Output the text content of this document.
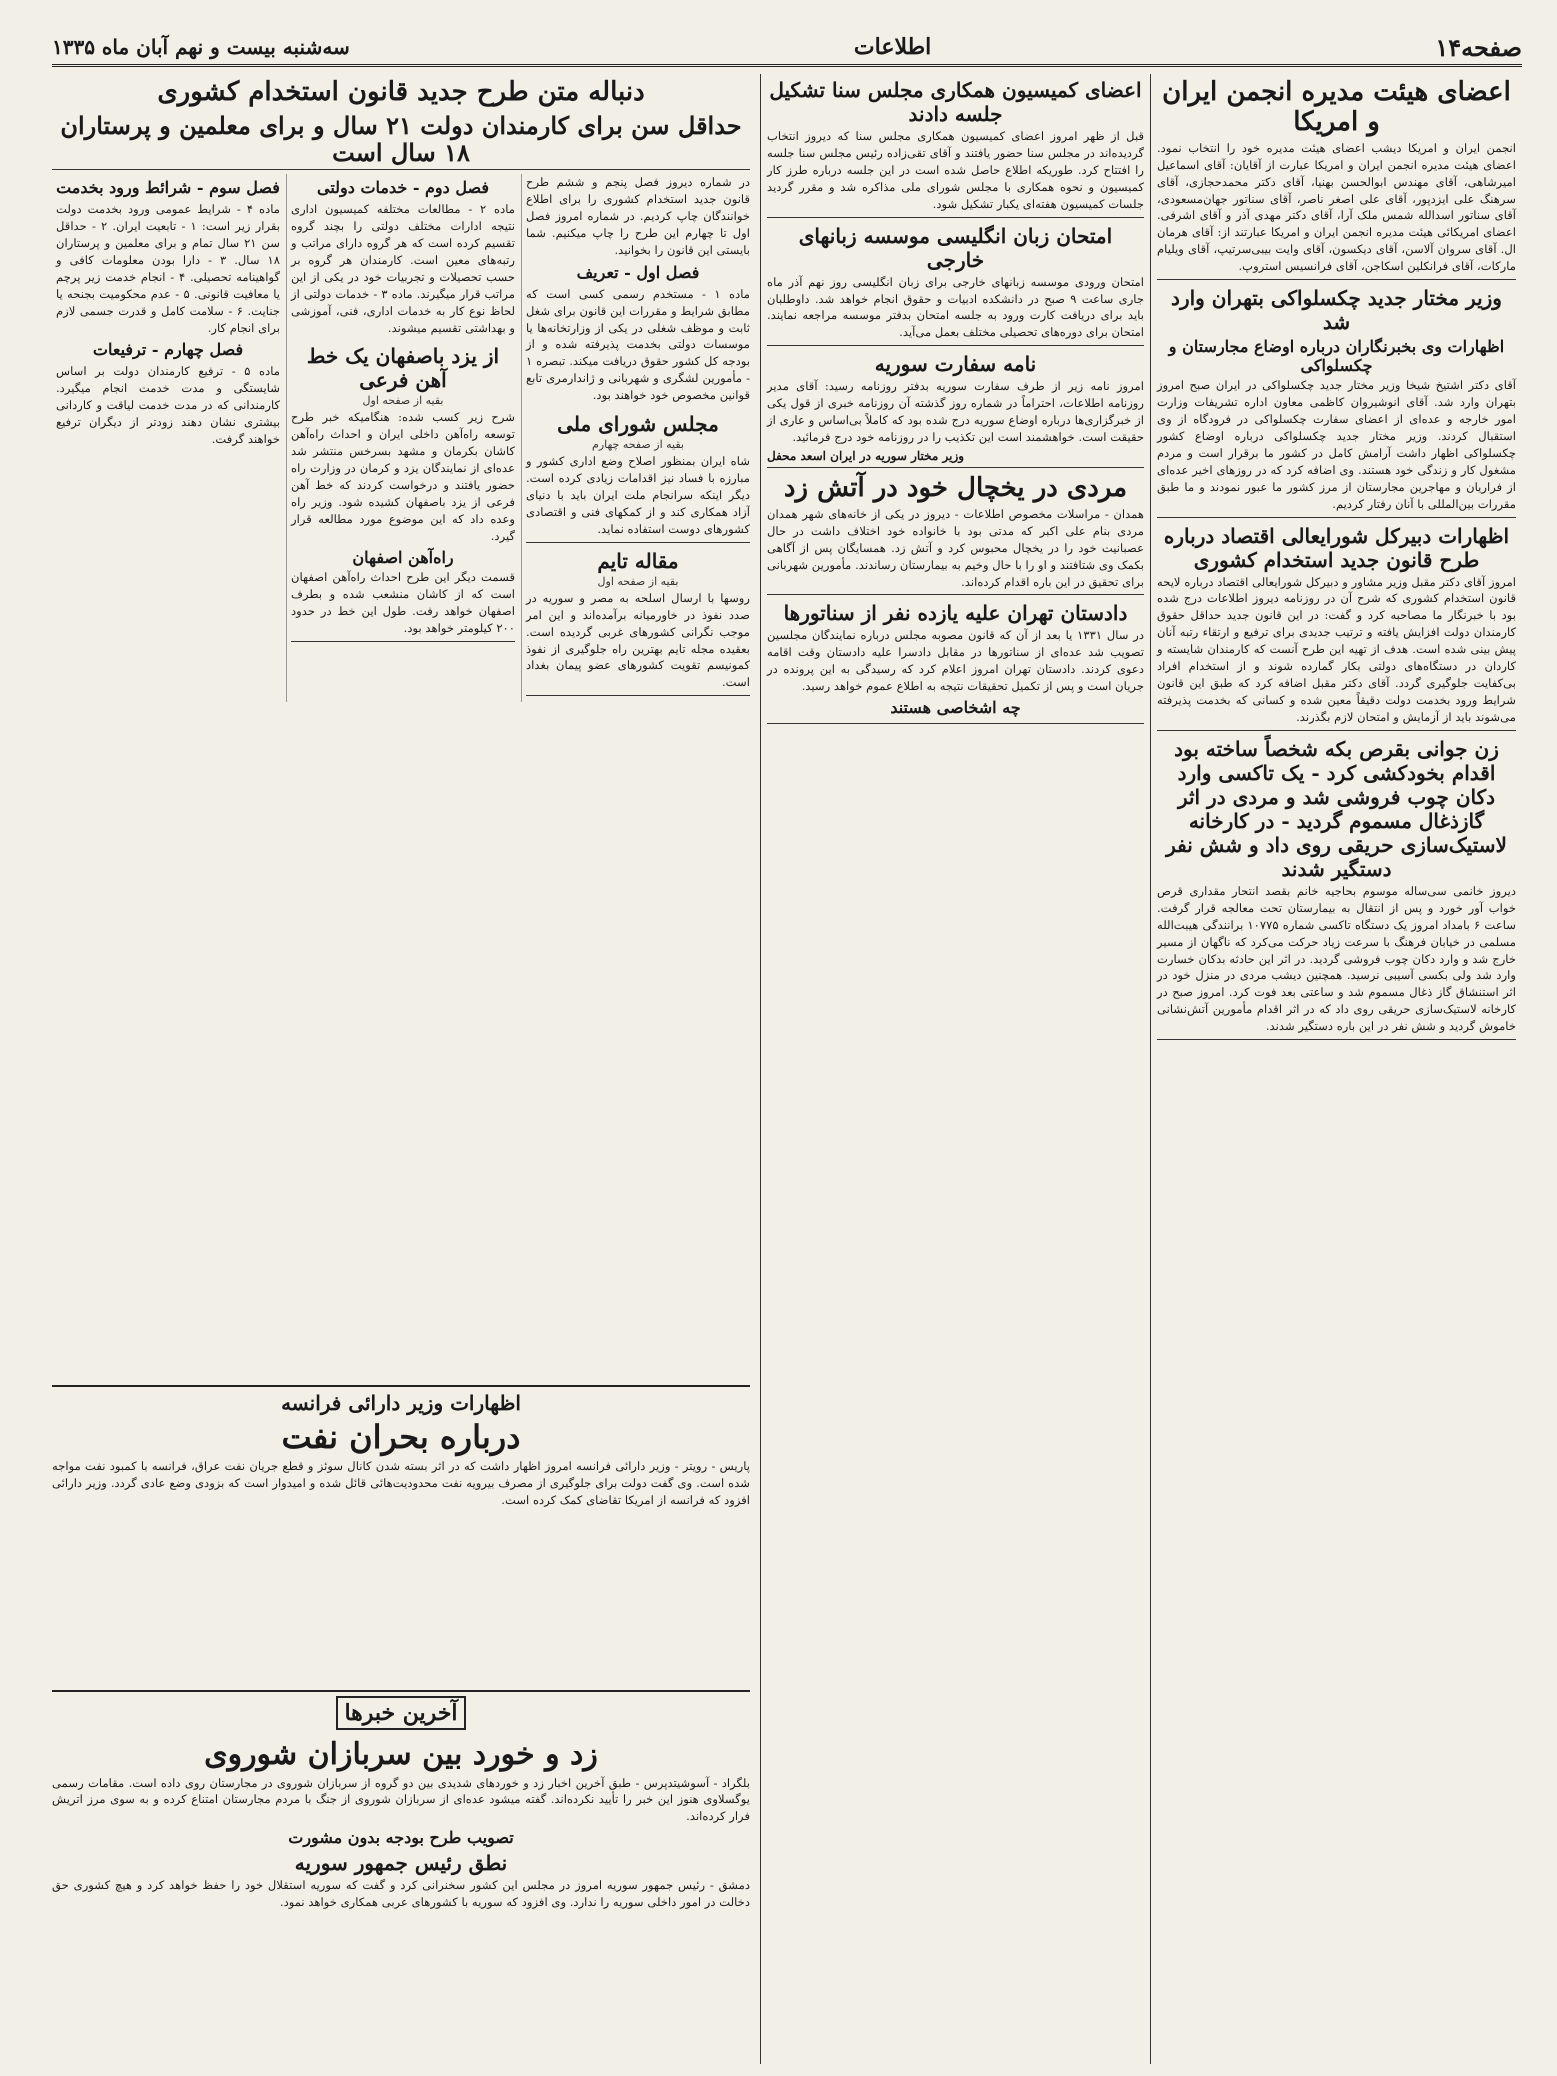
صفحه۱۴
اطلاعات
سه‌شنبه بیست و نهم آبان ماه ۱۳۳۵
اعضای هیئت مدیره انجمن ایران و امریکا

انجمن ایران و امریکا دیشب اعضای هیئت مدیره خود را انتخاب نمود. اعضای هیئت مدیره انجمن ایران و امریکا عبارت از آقایان: آقای اسماعیل امیرشاهی، آقای مهندس ابوالحسن بهنیا، آقای دکتر محمدحجازی، آقای سرهنگ علی ایزدپور، آقای علی اصغر ناصر، آقای سناتور جهان‌مسعودی، آقای سناتور اسدالله شمس ملک آرا، آقای دکتر مهدی آذر و آقای اشرفی. اعضای امریکائی هیئت مدیره انجمن ایران و امریکا عبارتند از: آقای هرمان ال. آقای سروان آلاسن، آقای دیکسون، آقای وایت بیبی‌سرتیپ، آقای ویلیام مارکات، آقای فرانکلین اسکاجن، آقای فرانسیس استروپ.

وزیر مختار جدید چکسلواکی بتهران وارد شد
اظهارات وی بخبرنگاران درباره اوضاع مجارستان و چکسلواکی

آقای دکتر اشتیخ شیخا وزیر مختار جدید چکسلواکی در ایران صبح امروز بتهران وارد شد. آقای انوشیروان کاظمی معاون اداره تشریفات وزارت امور خارجه و عده‌ای از اعضای سفارت چکسلواکی در فرودگاه از وی استقبال کردند. وزیر مختار جدید چکسلواکی درباره اوضاع کشور چکسلواکی اظهار داشت آرامش کامل در کشور ما برقرار است و مردم مشغول کار و زندگی خود هستند. وی اضافه کرد که در روزهای اخیر عده‌ای از فراریان و مهاجرین مجارستان از مرز کشور ما عبور نمودند و ما طبق مقررات بین‌المللی با آنان رفتار کردیم.

اظهارات دبیرکل شورایعالی اقتصاد درباره طرح قانون جدید استخدام کشوری

امروز آقای دکتر مقبل وزیر مشاور و دبیرکل شورایعالی اقتصاد درباره لایحه قانون استخدام کشوری که شرح آن در روزنامه دیروز اطلاعات درج شده بود با خبرنگار ما مصاحبه کرد و گفت: در این قانون جدید حداقل حقوق کارمندان دولت افزایش یافته و ترتیب جدیدی برای ترفیع و ارتقاء رتبه آنان پیش بینی شده است. هدف از تهیه این طرح آنست که کارمندان شایسته و کاردان در دستگاه‌های دولتی بکار گمارده شوند و از استخدام افراد بی‌کفایت جلوگیری گردد. آقای دکتر مقبل اضافه کرد که طبق این قانون شرایط ورود بخدمت دولت دقیقاً معین شده و کسانی که بخدمت پذیرفته می‌شوند باید از آزمایش و امتحان لازم بگذرند.

زن جوانی بقرص بکه شخصاً ساخته بود اقدام بخودکشی کرد - یک تاکسی وارد دکان چوب فروشی شد و مردی در اثر گازذغال مسموم گردید - در کارخانه لاستیک‌سازی حریقی روی داد و شش نفر دستگیر شدند

دیروز خانمی سی‌ساله موسوم بحاجیه خانم بقصد انتحار مقداری قرص خواب آور خورد و پس از انتقال به بیمارستان تحت معالجه قرار گرفت. ساعت ۶ بامداد امروز یک دستگاه تاکسی شماره ۱۰۷۷۵ برانندگی هیبت‌الله مسلمی در خیابان فرهنگ با سرعت زیاد حرکت می‌کرد که ناگهان از مسیر خارج شد و وارد دکان چوب فروشی گردید. در اثر این حادثه بدکان خسارت وارد شد ولی بکسی آسیبی نرسید. همچنین دیشب مردی در منزل خود در اثر استنشاق گاز ذغال مسموم شد و ساعتی بعد فوت کرد. امروز صبح در کارخانه لاستیک‌سازی حریقی روی داد که در اثر اقدام مأمورین آتش‌نشانی خاموش گردید و شش نفر در این باره دستگیر شدند.

اعضای کمیسیون همکاری مجلس سنا تشکیل جلسه دادند

قبل از ظهر امروز اعضای کمیسیون همکاری مجلس سنا که دیروز انتخاب گردیده‌اند در مجلس سنا حضور یافتند و آقای تقی‌زاده رئیس مجلس سنا جلسه را افتتاح کرد. طوریکه اطلاع حاصل شده است در این جلسه درباره طرز کار کمیسیون و نحوه همکاری با مجلس شورای ملی مذاکره شد و مقرر گردید جلسات کمیسیون هفته‌ای یکبار تشکیل شود.

امتحان زبان انگلیسی موسسه زبانهای خارجی

امتحان ورودی موسسه زبانهای خارجی برای زبان انگلیسی روز نهم آذر ماه جاری ساعت ۹ صبح در دانشکده ادبیات و حقوق انجام خواهد شد. داوطلبان باید برای دریافت کارت ورود به جلسه امتحان بدفتر موسسه مراجعه نمایند. امتحان برای دوره‌های تحصیلی مختلف بعمل می‌آید.

نامه سفارت سوریه

امروز نامه زیر از طرف سفارت سوریه بدفتر روزنامه رسید: آقای مدیر روزنامه اطلاعات، احتراماً در شماره روز گذشته آن روزنامه خبری از قول یکی از خبرگزاری‌ها درباره اوضاع سوریه درج شده بود که کاملاً بی‌اساس و عاری از حقیقت است. خواهشمند است این تکذیب را در روزنامه خود درج فرمائید.

وزیر مختار سوریه در ایران اسعد محفل
مردی در یخچال خود در آتش زد

همدان - مراسلات مخصوص اطلاعات - دیروز در یکی از خانه‌های شهر همدان مردی بنام علی اکبر که مدتی بود با خانواده خود اختلاف داشت در حال عصبانیت خود را در یخچال محبوس کرد و آتش زد. همسایگان پس از آگاهی بکمک وی شتافتند و او را با حال وخیم به بیمارستان رساندند. مأمورین شهربانی برای تحقیق در این باره اقدام کرده‌اند.

دادستان تهران علیه یازده نفر از سناتورها

در سال ۱۳۳۱ یا بعد از آن که قانون مصوبه مجلس درباره نمایندگان مجلسین تصویب شد عده‌ای از سناتورها در مقابل دادسرا علیه دادستان وقت اقامه دعوی کردند. دادستان تهران امروز اعلام کرد که رسیدگی به این پرونده در جریان است و پس از تکمیل تحقیقات نتیجه به اطلاع عموم خواهد رسید.

چه اشخاصی هستند
دنباله متن طرح جدید قانون استخدام کشوری
حداقل سن برای کارمندان دولت ۲۱ سال و برای معلمین و پرستاران ۱۸ سال است

در شماره دیروز فصل پنجم و ششم طرح قانون جدید استخدام کشوری را برای اطلاع خوانندگان چاپ کردیم. در شماره امروز فصل اول تا چهارم این طرح را چاپ میکنیم. شما بایستی این قانون را بخوانید.

فصل اول - تعریف

ماده ۱ - مستخدم رسمی کسی است که مطابق شرایط و مقررات این قانون برای شغل ثابت و موظف شغلی در یکی از وزارتخانه‌ها یا موسسات دولتی بخدمت پذیرفته شده و از بودجه کل کشور حقوق دریافت میکند. تبصره ۱ - مأمورین لشگری و شهربانی و ژاندارمری تابع قوانین مخصوص خود خواهند بود.

مجلس شورای ملی
بقیه از صفحه چهارم

شاه ایران بمنظور اصلاح وضع اداری کشور و مبارزه با فساد نیز اقدامات زیادی کرده است. دیگر اینکه سرانجام ملت ایران باید با دنیای آزاد همکاری کند و از کمکهای فنی و اقتصادی کشورهای دوست استفاده نماید.

مقاله تایم
بقیه از صفحه اول

روسها با ارسال اسلحه به مصر و سوریه در صدد نفوذ در خاورمیانه برآمده‌اند و این امر موجب نگرانی کشورهای غربی گردیده است. بعقیده مجله تایم بهترین راه جلوگیری از نفوذ کمونیسم تقویت کشورهای عضو پیمان بغداد است.

فصل دوم - خدمات دولتی

ماده ۲ - مطالعات مختلفه کمیسیون اداری نتیجه ادارات مختلف دولتی را بچند گروه تقسیم کرده است که هر گروه دارای مراتب و رتبه‌های معین است. کارمندان هر گروه بر حسب تحصیلات و تجربیات خود در یکی از این مراتب قرار میگیرند. ماده ۳ - خدمات دولتی از لحاظ نوع کار به خدمات اداری، فنی، آموزشی و بهداشتی تقسیم میشوند.

از یزد باصفهان یک خط آهن فرعی
بقیه از صفحه اول

شرح زیر کسب شده: هنگامیکه خبر طرح توسعه راه‌آهن داخلی ایران و احداث راه‌آهن کاشان بکرمان و مشهد بسرخس منتشر شد عده‌ای از نمایندگان یزد و کرمان در وزارت راه حضور یافتند و درخواست کردند که خط آهن فرعی از یزد باصفهان کشیده شود. وزیر راه وعده داد که این موضوع مورد مطالعه قرار گیرد.

راه‌آهن اصفهان

قسمت دیگر این طرح احداث راه‌آهن اصفهان است که از کاشان منشعب شده و بطرف اصفهان خواهد رفت. طول این خط در حدود ۲۰۰ کیلومتر خواهد بود.

فصل سوم - شرائط ورود بخدمت

ماده ۴ - شرایط عمومی ورود بخدمت دولت بقرار زیر است: ۱ - تابعیت ایران. ۲ - حداقل سن ۲۱ سال تمام و برای معلمین و پرستاران ۱۸ سال. ۳ - دارا بودن معلومات کافی و گواهینامه تحصیلی. ۴ - انجام خدمت زیر پرچم یا معافیت قانونی. ۵ - عدم محکومیت بجنحه یا جنایت. ۶ - سلامت کامل و قدرت جسمی لازم برای انجام کار.

فصل چهارم - ترفیعات

ماده ۵ - ترفیع کارمندان دولت بر اساس شایستگی و مدت خدمت انجام میگیرد. کارمندانی که در مدت خدمت لیاقت و کاردانی بیشتری نشان دهند زودتر از دیگران ترفیع خواهند گرفت.

اظهارات وزیر دارائی فرانسه
درباره بحران نفت

پاریس - رویتر - وزیر دارائی فرانسه امروز اظهار داشت که در اثر بسته شدن کانال سوئز و قطع جریان نفت عراق، فرانسه با کمبود نفت مواجه شده است. وی گفت دولت برای جلوگیری از مصرف بیرویه نفت محدودیت‌هائی قائل شده و امیدوار است که بزودی وضع عادی گردد. وزیر دارائی افزود که فرانسه از امریکا تقاضای کمک کرده است.

آخرین خبرها
زد و خورد بین سربازان شوروی

بلگراد - آسوشیتدپرس - طبق آخرین اخبار زد و خوردهای شدیدی بین دو گروه از سربازان شوروی در مجارستان روی داده است. مقامات رسمی یوگسلاوی هنوز این خبر را تأیید نکرده‌اند. گفته میشود عده‌ای از سربازان شوروی از جنگ با مردم مجارستان امتناع کرده و به سوی مرز اتریش فرار کرده‌اند.

تصویب طرح بودجه بدون مشورت
نطق رئیس جمهور سوریه

دمشق - رئیس جمهور سوریه امروز در مجلس این کشور سخنرانی کرد و گفت که سوریه استقلال خود را حفظ خواهد کرد و هیچ کشوری حق دخالت در امور داخلی سوریه را ندارد. وی افزود که سوریه با کشورهای عربی همکاری خواهد نمود.
